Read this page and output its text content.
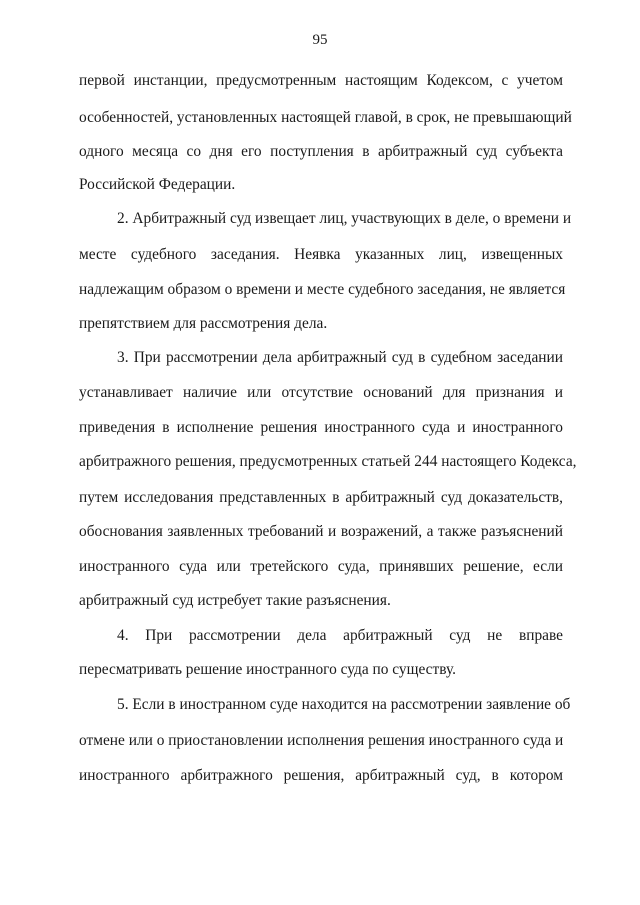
95
первой инстанции, предусмотренным настоящим Кодексом, с учетом
особенностей, установленных настоящей главой, в срок, не превышающий
одного месяца со дня его поступления в арбитражный суд субъекта
Российской Федерации.
2. Арбитражный суд извещает лиц, участвующих в деле, о времени и
месте судебного заседания. Неявка указанных лиц, извещенных
надлежащим образом о времени и месте судебного заседания, не является
препятствием для рассмотрения дела.
3. При рассмотрении дела арбитражный суд в судебном заседании
устанавливает наличие или отсутствие оснований для признания и
приведения в исполнение решения иностранного суда и иностранного
арбитражного решения, предусмотренных статьей 244 настоящего Кодекса,
путем исследования представленных в арбитражный суд доказательств,
обоснования заявленных требований и возражений, а также разъяснений
иностранного суда или третейского суда, принявших решение, если
арбитражный суд истребует такие разъяснения.
4. При рассмотрении дела арбитражный суд не вправе
пересматривать решение иностранного суда по существу.
5. Если в иностранном суде находится на рассмотрении заявление об
отмене или о приостановлении исполнения решения иностранного суда и
иностранного арбитражного решения, арбитражный суд, в котором
